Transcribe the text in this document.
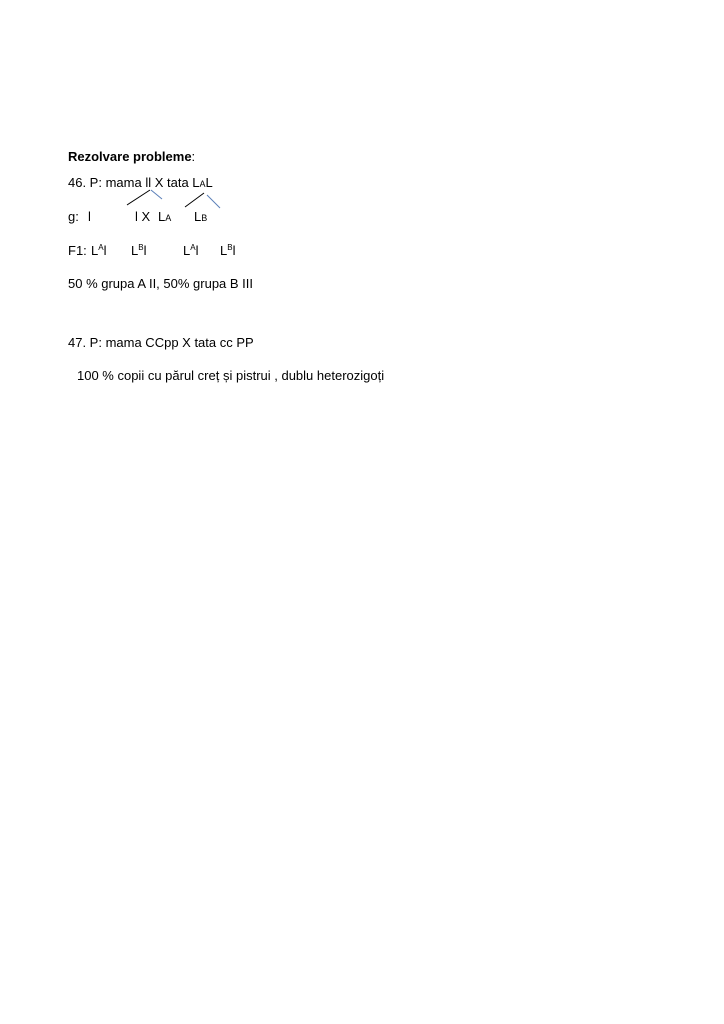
Rezolvare probleme:
46. P: mama ll X tata LAL
g: l	l X LA LB
F1: $L^Al$ $L^Bl$	$L^Al$ $L^Bl$
50 % grupa A II, 50% grupa B III
47. P: mama CCpp X tata cc PP
100 % copii cu părul creț și pistrui , dublu heterozigoți
